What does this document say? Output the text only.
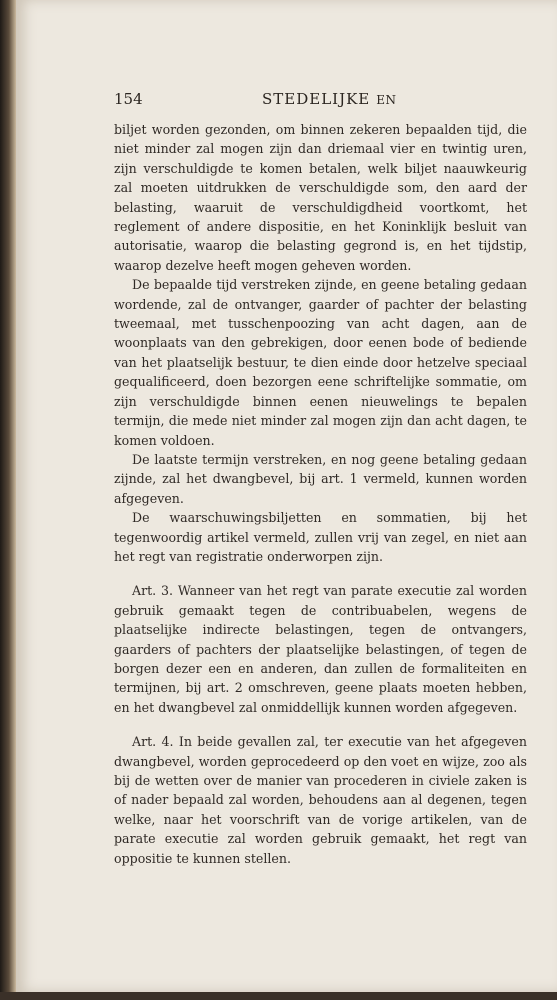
154	STEDELIJKE EN

biljet worden gezonden, om binnen zekeren bepaalden tijd, die niet minder zal mogen zijn dan driemaal vier en twintig uren, zijn verschuldigde te komen betalen, welk biljet naauwkeurig zal moeten uitdrukken de verschuldigde som, den aard der belasting, waaruit de verschuldigdheid voortkomt, het reglement of andere dispositie, en het Koninklijk besluit van autorisatie, waarop die belasting gegrond is, en het tijdstip, waarop dezelve heeft mogen geheven worden.

De bepaalde tijd verstreken zijnde, en geene betaling gedaan wordende, zal de ontvanger, gaarder of pachter der belasting tweemaal, met tusschenpoozing van acht dagen, aan de woonplaats van den gebrekigen, door eenen bode of bediende van het plaatselijk bestuur, te dien einde door hetzelve speciaal gequalificeerd, doen bezorgen eene schriftelijke sommatie, om zijn verschuldigde binnen eenen nieuwelings te bepalen termijn, die mede niet minder zal mogen zijn dan acht dagen, te komen voldoen.

De laatste termijn verstreken, en nog geene betaling gedaan zijnde, zal het dwangbevel, bij art. 1 vermeld, kunnen worden afgegeven.

De waarschuwingsbiljetten en sommatien, bij het tegenwoordig artikel vermeld, zullen vrij van zegel, en niet aan het regt van registratie onderworpen zijn.

Art. 3. Wanneer van het regt van parate executie zal worden gebruik gemaakt tegen de contribuabelen, wegens de plaatselijke indirecte belastingen, tegen de ontvangers, gaarders of pachters der plaatselijke belastingen, of tegen de borgen dezer een en anderen, dan zullen de formaliteiten en termijnen, bij art. 2 omschreven, geene plaats moeten hebben, en het dwangbevel zal onmiddellijk kunnen worden afgegeven.

Art. 4. In beide gevallen zal, ter executie van het afgegeven dwangbevel, worden geprocedeerd op den voet en wijze, zoo als bij de wetten over de manier van procederen in civiele zaken is of nader bepaald zal worden, behoudens aan al degenen, tegen welke, naar het voorschrift van de vorige artikelen, van de parate executie zal worden gebruik gemaakt, het regt van oppositie te kunnen stellen.
